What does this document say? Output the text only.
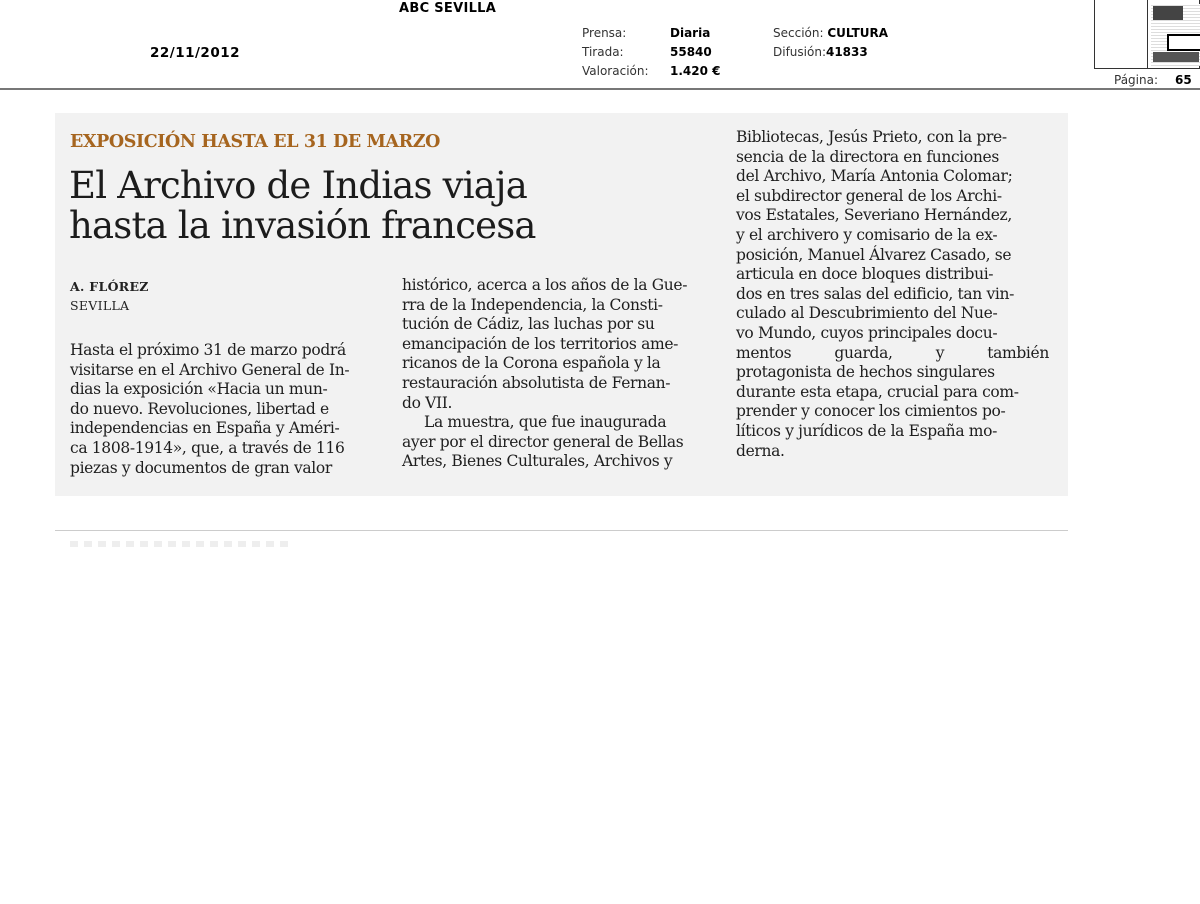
ABC SEVILLA
22/11/2012
Prensa:
Tirada:
Valoración:
Diaria
55840
1.420 €
Sección: CULTURA
Difusión:41833
Página: 65
EXPOSICIÓN HASTA EL 31 DE MARZO
El Archivo de Indias viaja
hasta la invasión francesa
A. FLÓREZ
SEVILLA
Hasta el próximo 31 de marzo podrá
visitarse en el Archivo General de In-
dias la exposición «Hacia un mun-
do nuevo. Revoluciones, libertad e
independencias en España y Améri-
ca 1808-1914», que, a través de 116
piezas y documentos de gran valor
histórico, acerca a los años de la Gue-
rra de la Independencia, la Consti-
tución de Cádiz, las luchas por su
emancipación de los territorios ame-
ricanos de la Corona española y la
restauración absolutista de Fernan-
do VII.
La muestra, que fue inaugurada
ayer por el director general de Bellas
Artes, Bienes Culturales, Archivos y
Bibliotecas, Jesús Prieto, con la pre-
sencia de la directora en funciones
del Archivo, María Antonia Colomar;
el subdirector general de los Archi-
vos Estatales, Severiano Hernández,
y el archivero y comisario de la ex-
posición, Manuel Álvarez Casado, se
articula en doce bloques distribui-
dos en tres salas del edificio, tan vin-
culado al Descubrimiento del Nue-
vo Mundo, cuyos principales docu-
mentos guarda, y también
protagonista de hechos singulares
durante esta etapa, crucial para com-
prender y conocer los cimientos po-
líticos y jurídicos de la España mo-
derna.
